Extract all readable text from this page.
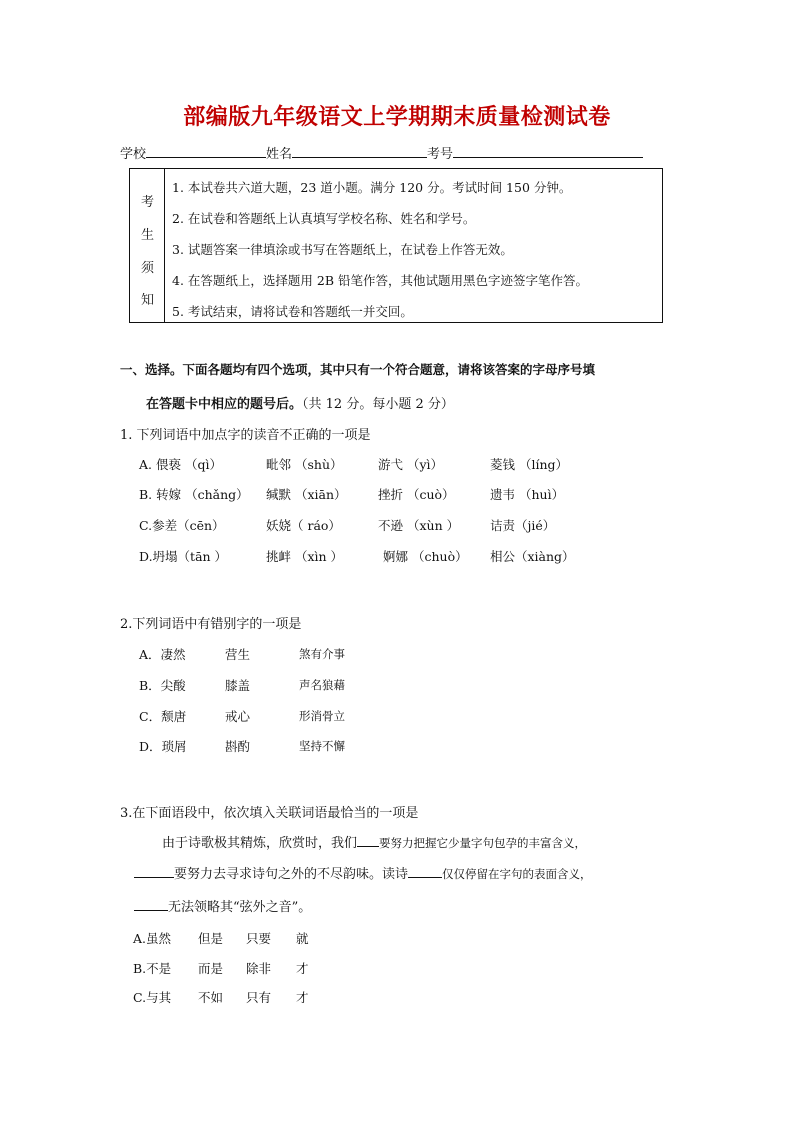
部编版九年级语文上学期期末质量检测试卷
学校	姓名	考号
考
生
须
知
1. 本试卷共六道大题，23 道小题。满分 120 分。考试时间 150 分钟。
2. 在试卷和答题纸上认真填写学校名称、姓名和学号。
3. 试题答案一律填涂或书写在答题纸上，在试卷上作答无效。
4. 在答题纸上，选择题用 2B 铅笔作答，其他试题用黑色字迹签字笔作答。
5. 考试结束，请将试卷和答题纸一并交回。
一、选择。下面各题均有四个选项，其中只有一个符合题意，请将该答案的字母序号填
在答题卡中相应的题号后。（共 12 分。每小题 2 分）
1. 下列词语中加点字的读音不正确的一项是
A. 偎亵 （qì）	毗邻 （shù）	游弋 （yì）	菱钱 （líng）
B. 转嫁 （chǎng） 缄默 （xiān）	挫折 （cuò）	遗韦 （huì）
C.参差（cēn）	妖娆（ ráo）	不逊 （xùn ） 诘责（jié）
D.坍塌（tān ）	挑衅 （xìn ）	婀娜 （chuò） 相公（xiàng）
2.下列词语中有错别字的一项是
A．凄然	营生	煞有介事
B．尖酸	膝盖	声名狼藉
C．颓唐	戒心	形消骨立
D．琐屑	斟酌	坚持不懈
3.在下面语段中，依次填入关联词语最恰当的一项是
由于诗歌极其精炼，欣赏时，我们 要努力把握它少量字句包孕的丰富含义，
要努力去寻求诗句之外的不尽韵味。读诗	仅仅停留在字句的表面含义，
无法领略其“弦外之音”。
A.虽然 但是 只要 就
B.不是 而是 除非 才
C.与其 不如 只有 才
